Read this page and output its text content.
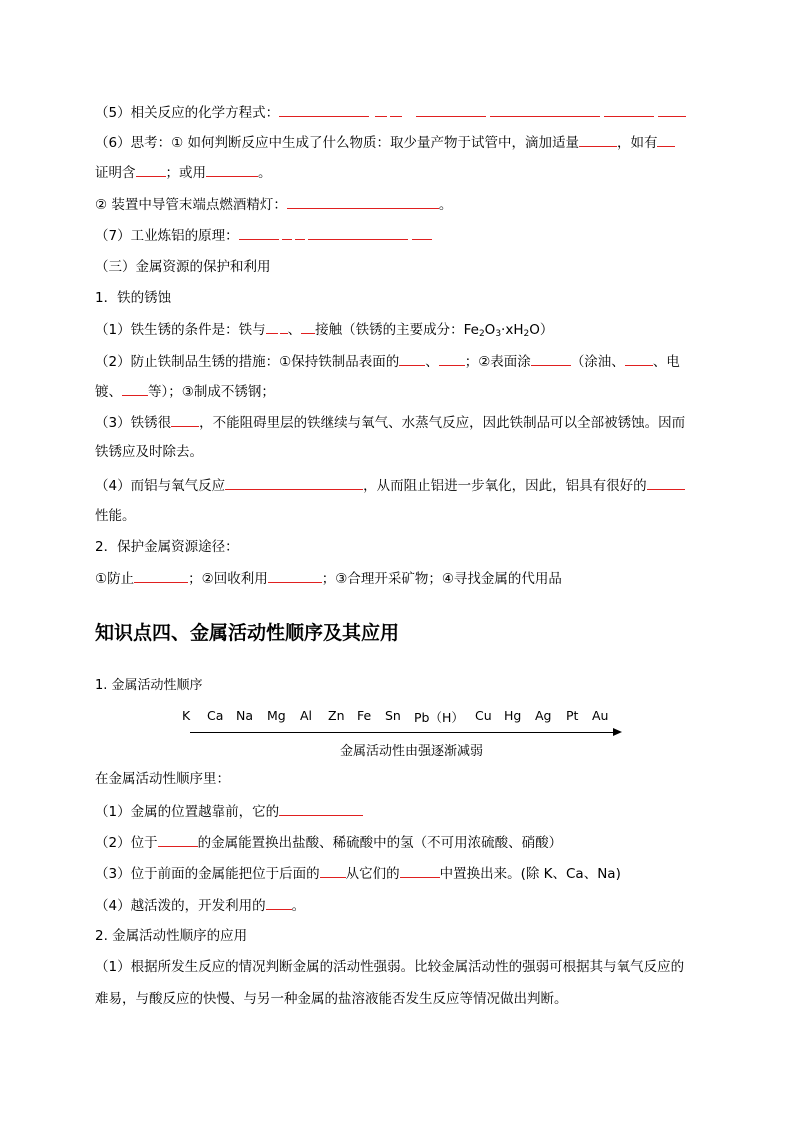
（5）相关反应的化学方程式：
（6）思考：① 如何判断反应中生成了什么物质：取少量产物于试管中，滴加适量	，如有
证明含 ；或用	。
② 装置中导管末端点燃酒精灯：	。
（7）工业炼铝的原理：
（三）金属资源的保护和利用
1．铁的锈蚀
（1）铁生锈的条件是：铁与 、 接触（铁锈的主要成分：$Fe_2O_3\cdot xH_2O$）
（2）防止铁制品生锈的措施：①保持铁制品表面的 、 ；②表面涂	（涂油、 、电
镀、 等）；③制成不锈钢；
（3）铁锈很 ，不能阻碍里层的铁继续与氧气、水蒸气反应，因此铁制品可以全部被锈蚀。因而
铁锈应及时除去。
（4）而铝与氧气反应	，从而阻止铝进一步氧化，因此，铝具有很好的
性能。
2．保护金属资源途径：
①防止	；②回收利用	；③合理开采矿物；④寻找金属的代用品
知识点四、金属活动性顺序及其应用
1. 金属活动性顺序
K Ca Na Mg Al Zn Fe Sn Pb（H） Cu Hg Ag Pt Au
金属活动性由强逐渐减弱
在金属活动性顺序里：
（1）金属的位置越靠前，它的
（2）位于	的金属能置换出盐酸、稀硫酸中的氢（不可用浓硫酸、硝酸）
（3）位于前面的金属能把位于后面的 从它们的	中置换出来。(除 K、Ca、Na)
（4）越活泼的，开发利用的 。
2. 金属活动性顺序的应用
（1）根据所发生反应的情况判断金属的活动性强弱。比较金属活动性的强弱可根据其与氧气反应的
难易，与酸反应的快慢、与另一种金属的盐溶液能否发生反应等情况做出判断。
